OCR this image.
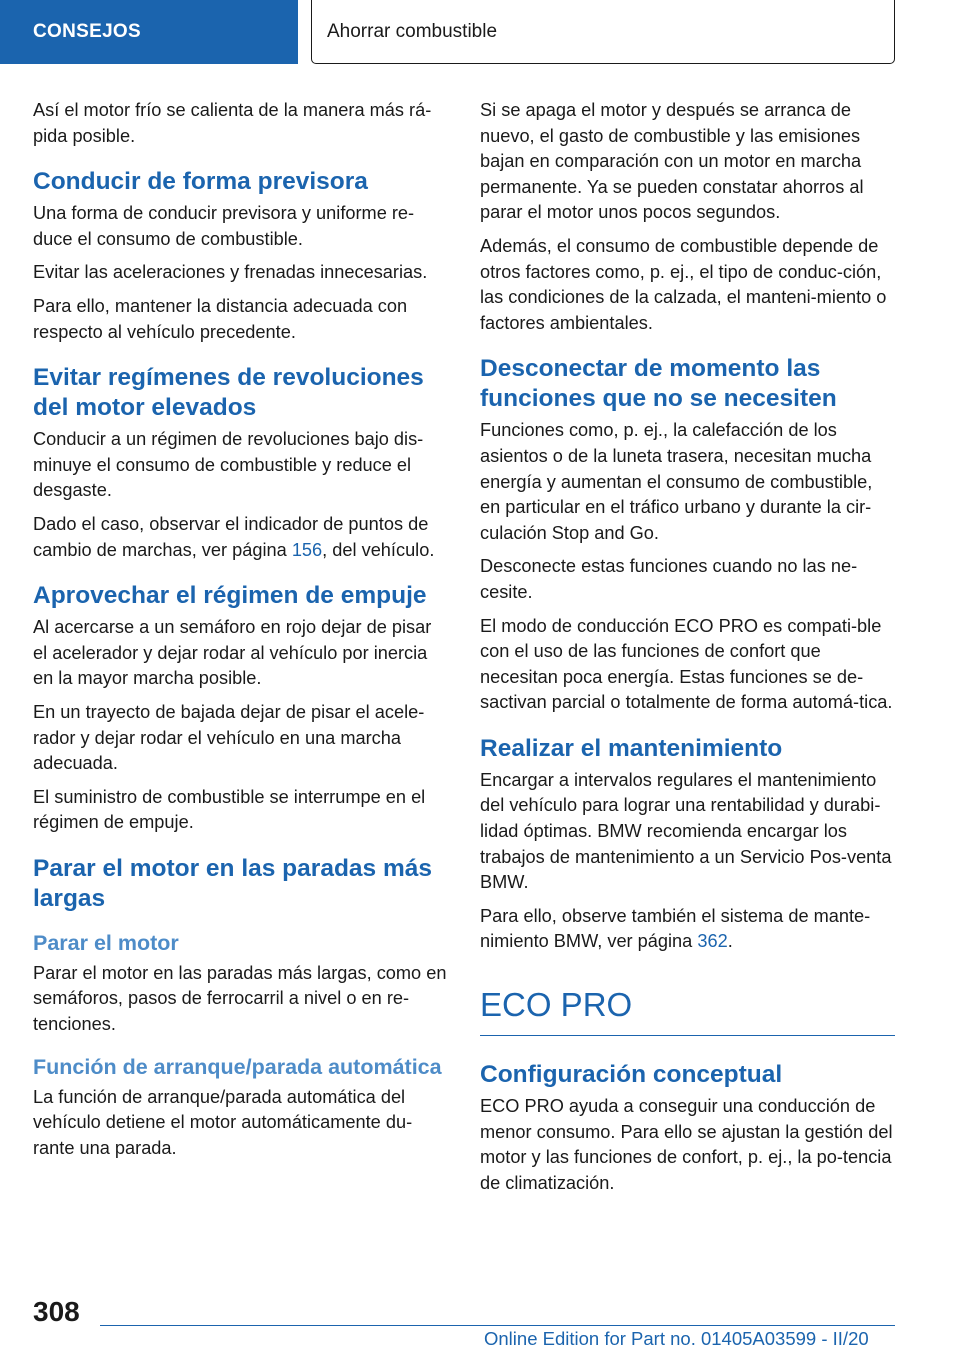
CONSEJOS	Ahorrar combustible

Así el motor frío se calienta de la manera más rá‐pida posible.

Conducir de forma previsora

Una forma de conducir previsora y uniforme re‐duce el consumo de combustible.

Evitar las aceleraciones y frenadas innecesarias.

Para ello, mantener la distancia adecuada con respecto al vehículo precedente.

Evitar regímenes de revoluciones del motor elevados

Conducir a un régimen de revoluciones bajo dis‐minuye el consumo de combustible y reduce el desgaste.

Dado el caso, observar el indicador de puntos de cambio de marchas, ver página 156, del vehículo.

Aprovechar el régimen de empuje

Al acercarse a un semáforo en rojo dejar de pisar el acelerador y dejar rodar al vehículo por inercia en la mayor marcha posible.

En un trayecto de bajada dejar de pisar el acele‐rador y dejar rodar el vehículo en una marcha adecuada.

El suministro de combustible se interrumpe en el régimen de empuje.

Parar el motor en las paradas más largas
Parar el motor

Parar el motor en las paradas más largas, como en semáforos, pasos de ferrocarril a nivel o en re‐tenciones.

Función de arranque/parada automática

La función de arranque/parada automática del vehículo detiene el motor automáticamente du‐rante una parada.

Si se apaga el motor y después se arranca de nuevo, el gasto de combustible y las emisiones bajan en comparación con un motor en marcha permanente. Ya se pueden constatar ahorros al parar el motor unos pocos segundos.

Además, el consumo de combustible depende de otros factores como, p. ej., el tipo de conduc‐ción, las condiciones de la calzada, el manteni‐miento o factores ambientales.

Desconectar de momento las funciones que no se necesiten

Funciones como, p. ej., la calefacción de los asientos o de la luneta trasera, necesitan mucha energía y aumentan el consumo de combustible, en particular en el tráfico urbano y durante la cir‐culación Stop and Go.

Desconecte estas funciones cuando no las ne‐cesite.

El modo de conducción ECO PRO es compati‐ble con el uso de las funciones de confort que necesitan poca energía. Estas funciones se de‐sactivan parcial o totalmente de forma automá‐tica.

Realizar el mantenimiento

Encargar a intervalos regulares el mantenimiento del vehículo para lograr una rentabilidad y durabi‐lidad óptimas. BMW recomienda encargar los trabajos de mantenimiento a un Servicio Pos‐venta BMW.

Para ello, observe también el sistema de mante‐nimiento BMW, ver página 362.

ECO PRO
Configuración conceptual

ECO PRO ayuda a conseguir una conducción de menor consumo. Para ello se ajustan la gestión del motor y las funciones de confort, p. ej., la po‐tencia de climatización.

308
Online Edition for Part no. 01405A03599 - II/20
